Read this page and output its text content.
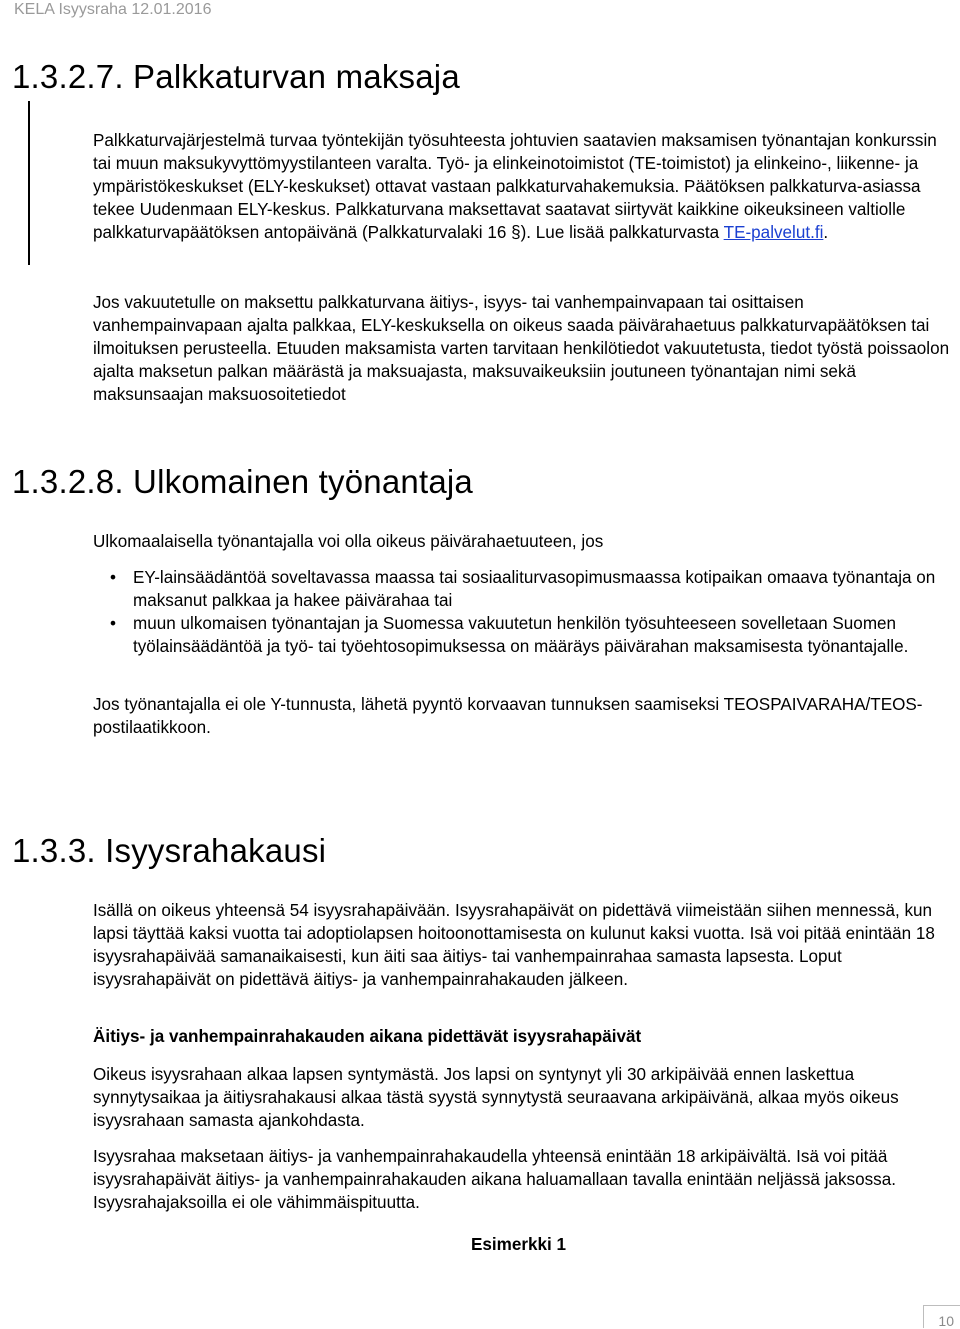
KELA Isyysraha 12.01.2016
1.3.2.7. Palkkaturvan maksaja

Palkkaturvajärjestelmä turvaa työntekijän työsuhteesta johtuvien saatavien maksamisen työnantajan konkurssin tai muun maksukyvyttömyystilanteen varalta. Työ- ja elinkeinotoimistot (TE-toimistot) ja elinkeino-, liikenne- ja ympäristökeskukset (ELY-keskukset) ottavat vastaan palkkaturvahakemuksia. Päätöksen palkkaturva-asiassa tekee Uudenmaan ELY-keskus. Palkkaturvana maksettavat saatavat siirtyvät kaikkine oikeuksineen valtiolle palkkaturvapäätöksen antopäivänä (Palkkaturvalaki 16 §). Lue lisää palkkaturvasta TE-palvelut.fi.

Jos vakuutetulle on maksettu palkkaturvana äitiys-, isyys- tai vanhempainvapaan tai osittaisen vanhempainvapaan ajalta palkkaa, ELY-keskuksella on oikeus saada päivärahaetuus palkkaturvapäätöksen tai ilmoituksen perusteella. Etuuden maksamista varten tarvitaan henkilötiedot vakuutetusta, tiedot työstä poissaolon ajalta maksetun palkan määrästä ja maksuajasta, maksuvaikeuksiin joutuneen työnantajan nimi sekä maksunsaajan maksuosoitetiedot

1.3.2.8. Ulkomainen työnantaja

Ulkomaalaisella työnantajalla voi olla oikeus päivärahaetuuteen, jos

• EY-lainsäädäntöä soveltavassa maassa tai sosiaaliturvasopimusmaassa kotipaikan omaava työnantaja on maksanut palkkaa ja hakee päivärahaa tai
• muun ulkomaisen työnantajan ja Suomessa vakuutetun henkilön työsuhteeseen sovelletaan Suomen työlainsäädäntöä ja työ- tai työehtosopimuksessa on määräys päivärahan maksamisesta työnantajalle.

Jos työnantajalla ei ole Y-tunnusta, lähetä pyyntö korvaavan tunnuksen saamiseksi TEOSPAIVARAHA/TEOS-postilaatikkoon.

1.3.3. Isyysrahakausi

Isällä on oikeus yhteensä 54 isyysrahapäivään. Isyysrahapäivät on pidettävä viimeistään siihen mennessä, kun lapsi täyttää kaksi vuotta tai adoptiolapsen hoitoonottamisesta on kulunut kaksi vuotta. Isä voi pitää enintään 18 isyysrahapäivää samanaikaisesti, kun äiti saa äitiys- tai vanhempainrahaa samasta lapsesta. Loput isyysrahapäivät on pidettävä äitiys- ja vanhempainrahakauden jälkeen.

Äitiys- ja vanhempainrahakauden aikana pidettävät isyysrahapäivät

Oikeus isyysrahaan alkaa lapsen syntymästä. Jos lapsi on syntynyt yli 30 arkipäivää ennen laskettua synnytysaikaa ja äitiysrahakausi alkaa tästä syystä synnytystä seuraavana arkipäivänä, alkaa myös oikeus isyysrahaan samasta ajankohdasta.

Isyysrahaa maksetaan äitiys- ja vanhempainrahakaudella yhteensä enintään 18 arkipäivältä. Isä voi pitää isyysrahapäivät äitiys- ja vanhempainrahakauden aikana haluamallaan tavalla enintään neljässä jaksossa. Isyysrahajaksoilla ei ole vähimmäispituutta.

Esimerkki 1
10
